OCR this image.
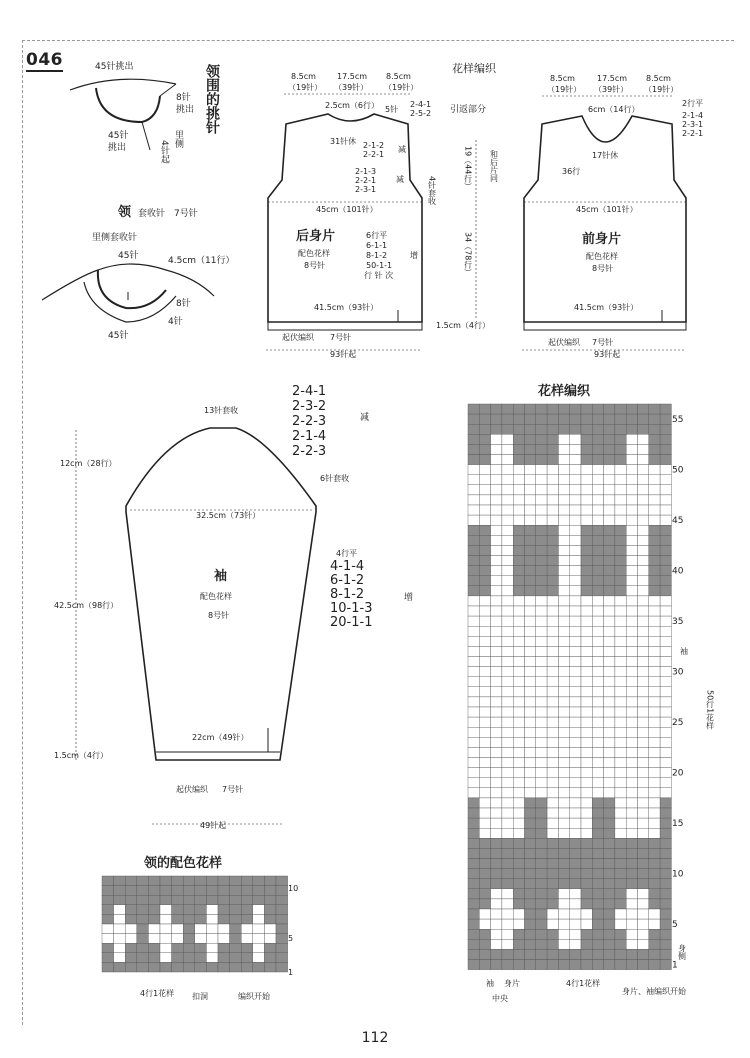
046	45针挑出
8针
挑出
45针
挑出	里侧
4针起
领围的挑针
领 套收针 7号针
里侧套收针
45针	4.5cm（11行）
8针
4针
45针
8.5cm
（19针）
17.5cm
（39针）
8.5cm
（19针）
2.5cm（6行） 5针
31针休 2-1-2
2-2-1
减
2-4-1
2-5-2 引返部分
2-1-3
2-2-1
2-3-1
减	4针套收
45cm（101针）
后身片
配色花样
8号针
6行平
6-1-1
8-1-2
50-1-1
行 针 次
增
19（44行）
34（78行）
和后片同
1.5cm（4行）
41.5cm（93针）
起伏编织 7号针
93针起
花样编织
8.5cm
（19针）
17.5cm
（39针）
8.5cm
（19针）
6cm（14行）
17针休
36行
2行平
2-1-4
2-3-1
2-2-1
45cm（101针）
前身片
配色花样
8号针
41.5cm（93针）
起伏编织 7号针
93针起
13针套收
2-4-1
2-3-2
2-2-3
2-1-4
2-2-3
减
12cm（28行）
6针套收
32.5cm（73针）
4行平
4-1-4
6-1-2
8-1-2
10-1-3
20-1-1
增
袖
配色花样
8号针
42.5cm（98行）
22cm（49针）
1.5cm（4行）
起伏编织 7号针
49针起
领的配色花样
10
5
1
4行1花样 扣洞	编织开始
花样编织
1
5
10
15
20
25
30
35
40
45
50
55
袖
身侧
50行1花样
袖 身片
中央
4行1花样
身片、袖编织开始
112
